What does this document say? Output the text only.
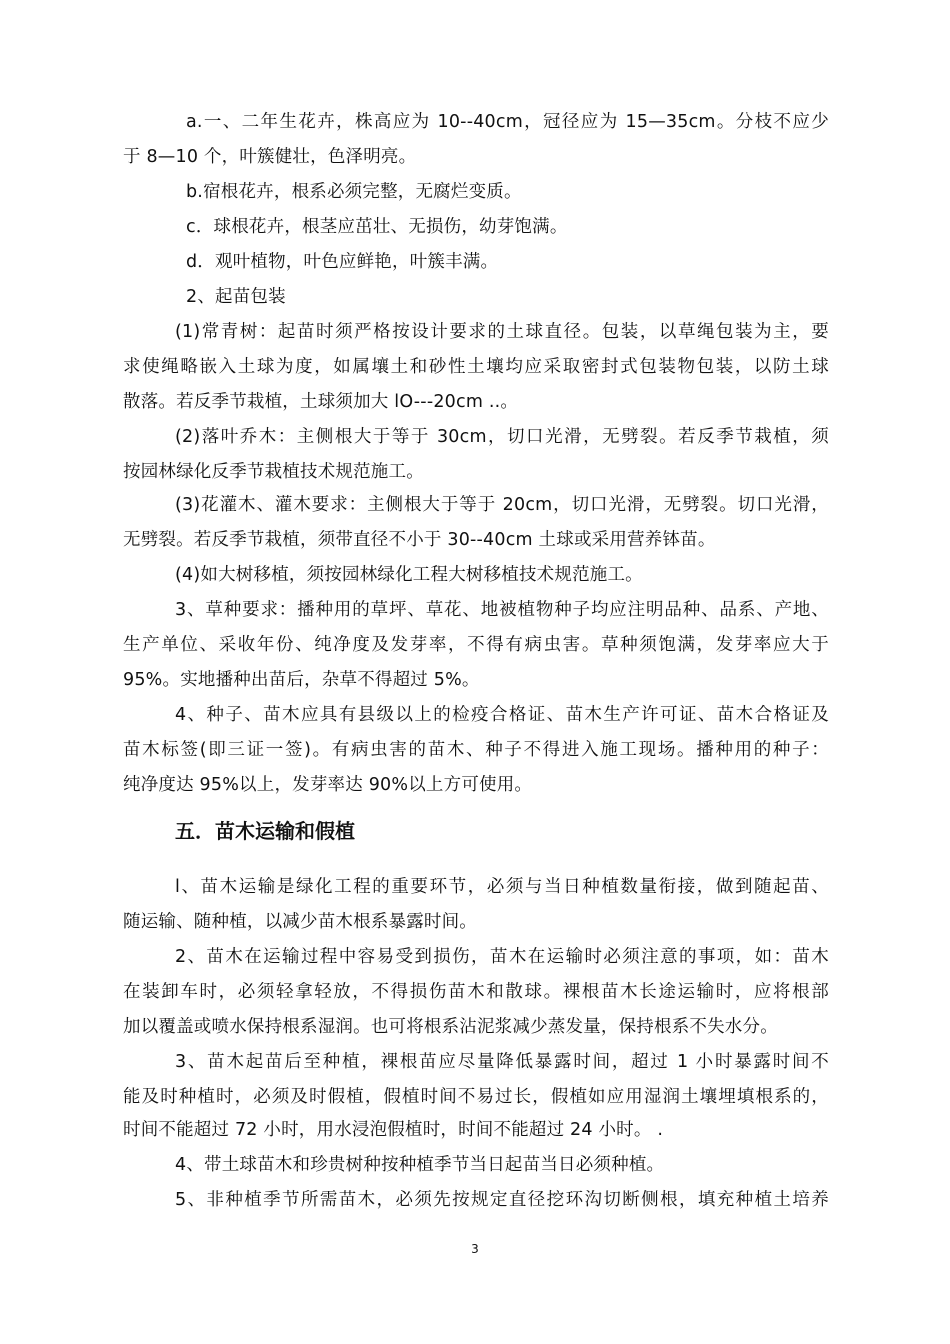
a.一、二年生花卉，株高应为 10--40cm，冠径应为 15—35cm。分枝不应少
于 8—10 个，叶簇健壮，色泽明亮。
b.宿根花卉，根系必须完整，无腐烂变质。
c．球根花卉，根茎应茁壮、无损伤，幼芽饱满。
d．观叶植物，叶色应鲜艳，叶簇丰满。
2、起苗包装
(1)常青树：起苗时须严格按设计要求的土球直径。包装，以草绳包装为主，要
求使绳略嵌入土球为度，如属壤土和砂性土壤均应采取密封式包装物包装，以防土球
散落。若反季节栽植，土球须加大 lO---20cm ..。
(2)落叶乔木：主侧根大于等于 30cm，切口光滑，无劈裂。若反季节栽植，须
按园林绿化反季节栽植技术规范施工。
(3)花灌木、灌木要求：主侧根大于等于 20cm，切口光滑，无劈裂。切口光滑，
无劈裂。若反季节栽植，须带直径不小于 30--40cm 土球或采用营养钵苗。
(4)如大树移植，须按园林绿化工程大树移植技术规范施工。
3、草种要求：播种用的草坪、草花、地被植物种子均应注明品种、品系、产地、
生产单位、采收年份、纯净度及发芽率，不得有病虫害。草种须饱满，发芽率应大于
95%。实地播种出苗后，杂草不得超过 5%。
4、种子、苗木应具有县级以上的检疫合格证、苗木生产许可证、苗木合格证及
苗木标签(即三证一签)。有病虫害的苗木、种子不得进入施工现场。播种用的种子：
纯净度达 95%以上，发芽率达 90%以上方可使用。
五．苗木运输和假植
l、苗木运输是绿化工程的重要环节，必须与当日种植数量衔接，做到随起苗、
随运输、随种植，以减少苗木根系暴露时间。
2、苗木在运输过程中容易受到损伤，苗木在运输时必须注意的事项，如：苗木
在装卸车时，必须轻拿轻放，不得损伤苗木和散球。裸根苗木长途运输时，应将根部
加以覆盖或喷水保持根系湿润。也可将根系沾泥浆减少蒸发量，保持根系不失水分。
3、苗木起苗后至种植，裸根苗应尽量降低暴露时间，超过 1 小时暴露时间不
能及时种植时，必须及时假植，假植时间不易过长，假植如应用湿润土壤埋填根系的，
时间不能超过 72 小时，用水浸泡假植时，时间不能超过 24 小时。 .
4、带土球苗木和珍贵树种按种植季节当日起苗当日必须种植。
5、非种植季节所需苗木，必须先按规定直径挖环沟切断侧根，填充种植土培养
3
